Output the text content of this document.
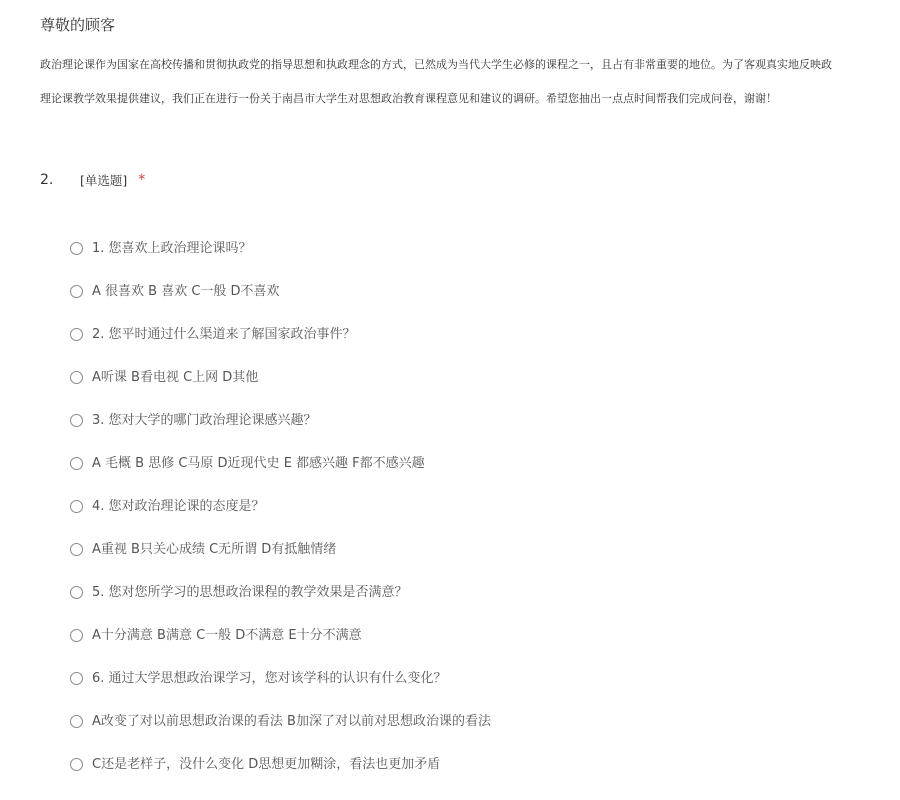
尊敬的顾客
政治理论课作为国家在高校传播和贯彻执政党的指导思想和执政理念的方式，已然成为当代大学生必修的课程之一，且占有非常重要的地位。为了客观真实地反映政
理论课教学效果提供建议，我们正在进行一份关于南昌市大学生对思想政治教育课程意见和建议的调研。希望您抽出一点点时间帮我们完成问卷，谢谢！
2.	[单选题] *
1. 您喜欢上政治理论课吗？
A 很喜欢 B 喜欢 C一般 D不喜欢
2. 您平时通过什么渠道来了解国家政治事件？
A听课 B看电视 C上网 D其他
3. 您对大学的哪门政治理论课感兴趣？
A 毛概 B 思修 C马原 D近现代史 E 都感兴趣 F都不感兴趣
4. 您对政治理论课的态度是？
A重视 B只关心成绩 C无所谓 D有抵触情绪
5. 您对您所学习的思想政治课程的教学效果是否满意？
A十分满意 B满意 C一般 D不满意 E十分不满意
6. 通过大学思想政治课学习，您对该学科的认识有什么变化？
A改变了对以前思想政治课的看法 B加深了对以前对思想政治课的看法
C还是老样子，没什么变化 D思想更加糊涂，看法也更加矛盾
